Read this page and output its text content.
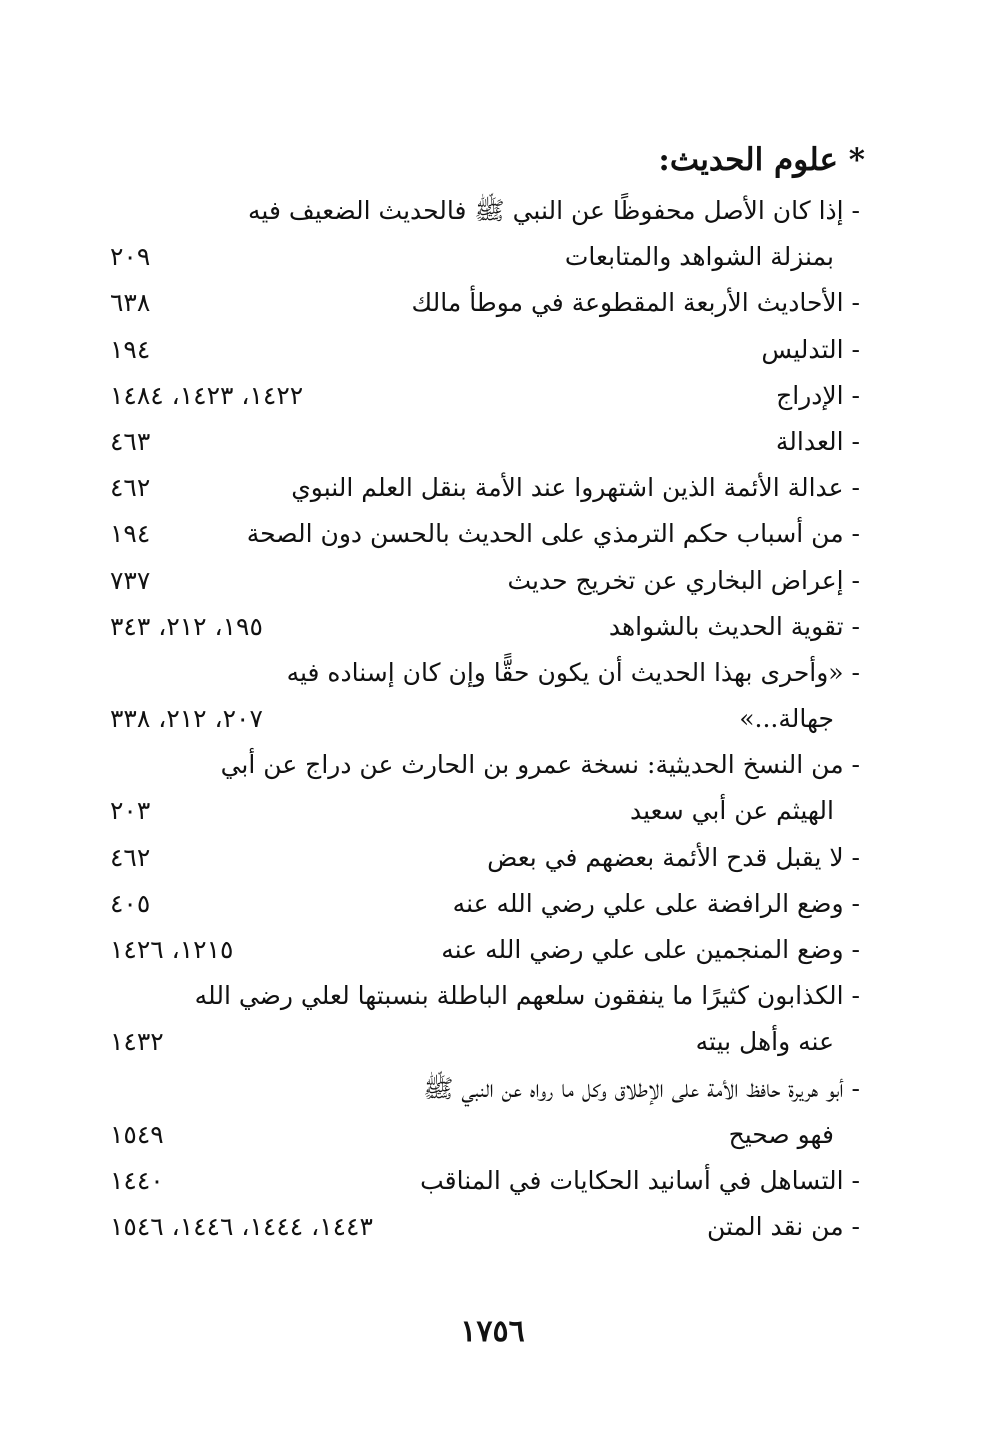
* علوم الحديث:
- إذا كان الأصل محفوظًا عن النبي ﷺ فالحديث الضعيف فيه
بمنزلة الشواهد والمتابعات
٢٠٩
- الأحاديث الأربعة المقطوعة في موطأ مالك
٦٣٨
- التدليس
١٩٤
- الإدراج
١٤٢٢، ١٤٢٣، ١٤٨٤
- العدالة
٤٦٣
- عدالة الأئمة الذين اشتهروا عند الأمة بنقل العلم النبوي
٤٦٢
- من أسباب حكم الترمذي على الحديث بالحسن دون الصحة
١٩٤
- إعراض البخاري عن تخريج حديث
٧٣٧
- تقوية الحديث بالشواهد
١٩٥، ٢١٢، ٣٤٣
- «وأحرى بهذا الحديث أن يكون حقًّا وإن كان إسناده فيه
جهالة...»
٢٠٧، ٢١٢، ٣٣٨
- من النسخ الحديثية: نسخة عمرو بن الحارث عن دراج عن أبي
الهيثم عن أبي سعيد
٢٠٣
- لا يقبل قدح الأئمة بعضهم في بعض
٤٦٢
- وضع الرافضة على علي رضي الله عنه
٤٠٥
- وضع المنجمين على علي رضي الله عنه
١٢١٥، ١٤٢٦
- الكذابون كثيرًا ما ينفقون سلعهم الباطلة بنسبتها لعلي رضي الله
عنه وأهل بيته
١٤٣٢
- أبو هريرة حافظ الأمة على الإطلاق وكل ما رواه عن النبي ﷺ
فهو صحيح
١٥٤٩
- التساهل في أسانيد الحكايات في المناقب
١٤٤٠
- من نقد المتن
١٤٤٣، ١٤٤٤، ١٤٤٦، ١٥٤٦
١٧٥٦
